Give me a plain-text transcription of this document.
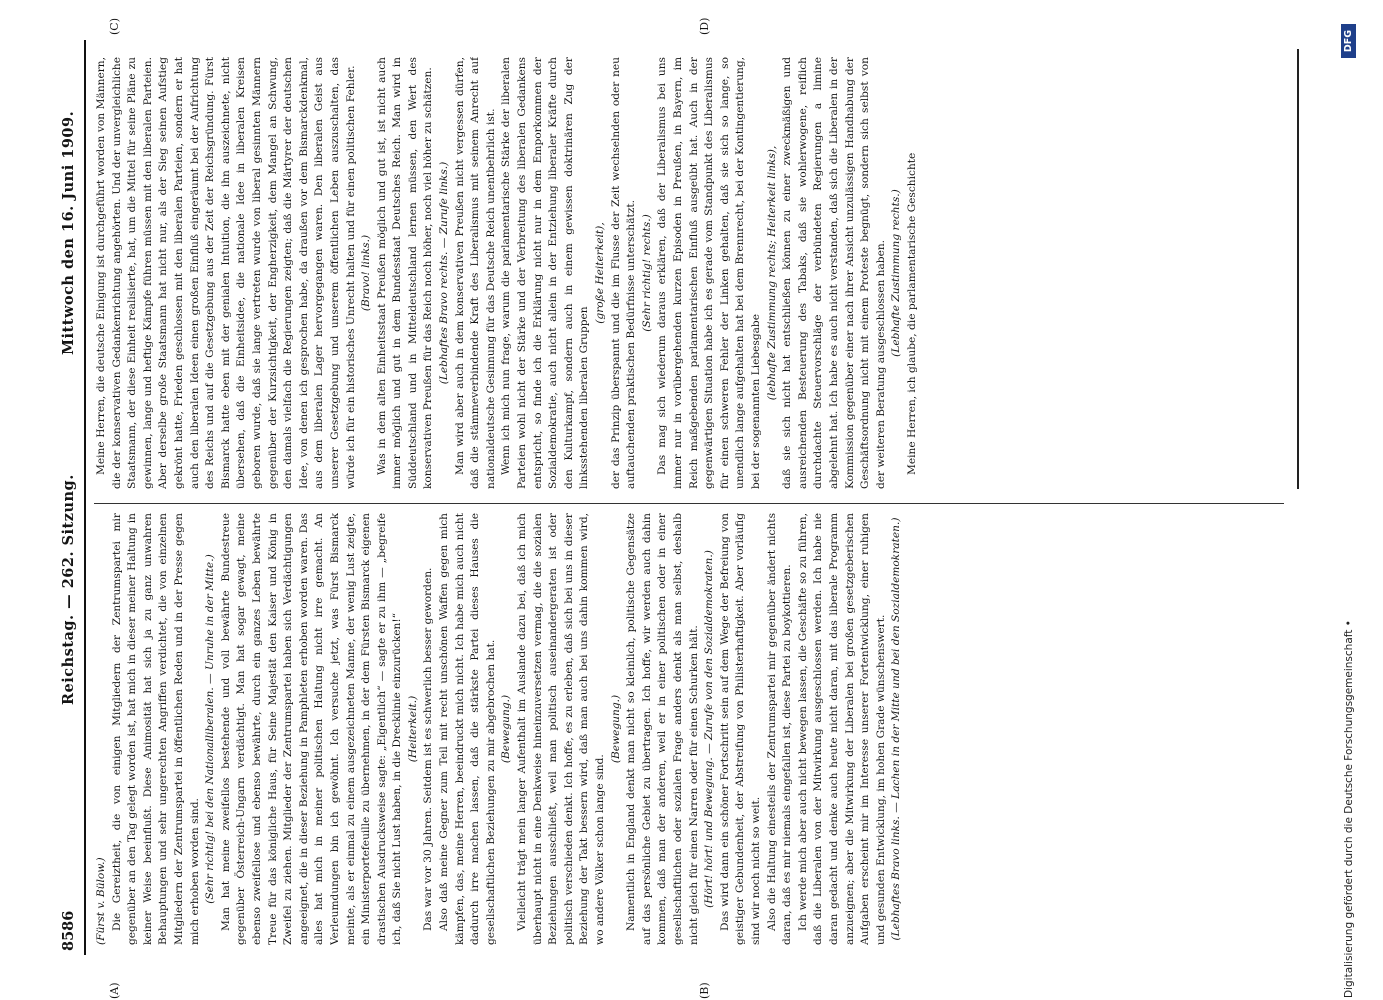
8586
Reichstag. — 262. Sitzung.
Mittwoch den 16. Juni 1909.
(A)	(B)
(C)	(D)

(Fürst v. Bülow.) Die Gereiztheit, die von einigen Mitgliedern der Zentrumspartei mir gegenüber an den Tag gelegt worden ist, hat mich in dieser meiner Haltung in keiner Weise beeinflußt. Diese Animosität hat sich ja zu ganz unwahren Behauptungen und sehr ungerechten Angriffen verdichtet, die von einzelnen Mitgliedern der Zentrumspartei in öffentlichen Reden und in der Presse gegen mich erhoben worden sind. (Sehr richtig! bei den Nationalliberalen. — Unruhe in der Mitte.) Man hat meine zweifellos bestehende und voll bewährte Bundestreue gegenüber Österreich-Ungarn verdächtigt. Man hat sogar gewagt, meine ebenso zweifellose und ebenso bewährte, durch ein ganzes Leben bewährte Treue für das königliche Haus, für Seine Majestät den Kaiser und König in Zweifel zu ziehen. Mitglieder der Zentrumspartei haben sich Verdächtigungen angeeignet, die in dieser Beziehung in Pamphleten erhoben worden waren. Das alles hat mich in meiner politischen Haltung nicht irre gemacht. An Verleumdungen bin ich gewöhnt. Ich versuche jetzt, was Fürst Bismarck meinte, als er einmal zu einem ausgezeichneten Manne, der wenig Lust zeigte, ein Ministerportefeuille zu übernehmen, in der dem Fürsten Bismarck eigenen drastischen Ausdrucksweise sagte: „Eigentlich“ — sagte er zu ihm — „begreife ich, daß Sie nicht Lust haben, in die Drecklinie einzurücken!“ (Heiterkeit.) Das war vor 30 Jahren. Seitdem ist es schwerlich besser geworden. Also daß meine Gegner zum Teil mit recht unschönen Waffen gegen mich kämpfen, das, meine Herren, beeindruckt mich nicht. Ich habe mich auch nicht dadurch irre machen lassen, daß die stärkste Partei dieses Hauses die gesellschaftlichen Beziehungen zu mir abgebrochen hat. (Bewegung.) Vielleicht trägt mein langer Aufenthalt im Auslande dazu bei, daß ich mich überhaupt nicht in eine Denkweise hineinzuversetzen vermag, die die sozialen Beziehungen ausschließt, weil man politisch auseinandergeraten ist oder politisch verschieden denkt. Ich hoffe, es zu erleben, daß sich bei uns in dieser Beziehung der Takt bessern wird, daß man auch bei uns dahin kommen wird, wo andere Völker schon lange sind.

(Bewegung.) Namentlich in England denkt man nicht so kleinlich, politische Gegensätze auf das persönliche Gebiet zu übertragen. Ich hoffe, wir werden auch dahin kommen, daß man der anderen, weil er in einer politischen oder in einer gesellschaftlichen oder sozialen Frage anders denkt als man selbst, deshalb nicht gleich für einen Narren oder für einen Schurken hält. (Hört! hört! und Bewegung. — Zurufe von den Sozialdemokraten.) Das wird dann ein schöner Fortschritt sein auf dem Wege der Befreiung von geistiger Gebundenheit, der Abstreifung von Philisterhaftigkeit. Aber vorläufig sind wir noch nicht so weit. Also die Haltung einesteils der Zentrumspartei mir gegenüber ändert nichts daran, daß es mir niemals eingefallen ist, diese Partei zu boykottieren. Ich werde mich aber auch nicht bewegen lassen, die Geschäfte so zu führen, daß die Liberalen von der Mitwirkung ausgeschlossen werden. Ich habe nie daran gedacht und denke auch heute nicht daran, mit das liberale Programm anzueignen; aber die Mitwirkung der Liberalen bei großen gesetzgeberischen Aufgaben erscheint mir im Interesse unserer Fortentwicklung, einer ruhigen und gesunden Entwicklung, im hohen Grade wünschenswert. (Lebhaftes Bravo links. — Lachen in der Mitte und bei den Sozialdemokraten.)

Meine Herren, die deutsche Einigung ist durchgeführt worden von Männern, die der konservativen Gedankenrichtung angehörten. Und der unvergleichliche Staatsmann, der diese Einheit realisierte, hat, um die Mittel für seine Pläne zu gewinnen, lange und heftige Kämpfe führen müssen mit den liberalen Parteien. Aber derselbe große Staatsmann hat nicht nur, als der Sieg seinen Aufstieg gekrönt hatte, Frieden geschlossen mit den liberalen Parteien, sondern er hat auch den liberalen Ideen einen großen Einfluß eingeräumt bei der Aufrichtung des Reichs und auf die Gesetzgebung aus der Zeit der Reichsgründung. Fürst Bismarck hatte eben mit der genialen Intuition, die ihn auszeichnete, nicht übersehen, daß die Einheitsidee, die nationale Idee in liberalen Kreisen geboren wurde, daß sie lange vertreten wurde von liberal gesinnten Männern gegenüber der Kurzsichtigkeit, der Engherzigkeit, dem Mangel an Schwung, den damals vielfach die Regierungen zeigten; daß die Märtyrer der deutschen Idee, von denen ich gesprochen habe, da draußen vor dem Bismarckdenkmal, aus dem liberalen Lager hervorgegangen waren. Den liberalen Geist aus unserer Gesetzgebung und unserem öffentlichen Leben auszuschalten, das würde ich für ein historisches Unrecht halten und für einen politischen Fehler. (Bravo! links.) Was in dem alten Einheitsstaat Preußen möglich und gut ist, ist nicht auch immer möglich und gut in dem Bundesstaat Deutsches Reich. Man wird in Süddeutschland und in Mitteldeutschland lernen müssen, den Wert des konservativen Preußen für das Reich noch höher, noch viel höher zu schätzen. (Lebhaftes Bravo rechts. — Zurufe links.) Man wird aber auch in dem konservativen Preußen nicht vergessen dürfen, daß die stämmeverbindende Kraft des Liberalismus mit seinem Anrecht auf nationaldeutsche Gesinnung für das Deutsche Reich unentbehrlich ist. Wenn ich mich nun frage, warum die parlamentarische Stärke der liberalen Parteien wohl nicht der Stärke und der Verbreitung des liberalen Gedankens entspricht, so finde ich die Erklärung nicht nur in dem Emporkommen der Sozialdemokratie, auch nicht allein in der Entziehung liberaler Kräfte durch den Kulturkampf, sondern auch in einem gewissen doktrinären Zug der linksstehenden liberalen Gruppen

(große Heiterkeit), der das Prinzip überspannt und die im Flusse der Zeit wechselnden oder neu auftauchenden praktischen Bedürfnisse unterschätzt. (Sehr richtig! rechts.) Das mag sich wiederum daraus erklären, daß der Liberalismus bei uns immer nur in vorübergehenden kurzen Episoden in Preußen, in Bayern, im Reich maßgebenden parlamentarischen Einfluß ausgeübt hat. Auch in der gegenwärtigen Situation habe ich es gerade vom Standpunkt des Liberalismus für einen schweren Fehler der Linken gehalten, daß sie sich so lange, so unendlich lange aufgehalten hat bei dem Brennrecht, bei der Kontingentierung, bei der sogenannten Liebesgabe

(lebhafte Zustimmung rechts; Heiterkeit links), daß sie sich nicht hat entschließen können zu einer zweckmäßigen und ausreichenden Besteuerung des Tabaks, daß sie wohlerwogene, reiflich durchdachte Steuervorschläge der verbündeten Regierungen a limine abgelehnt hat. Ich habe es auch nicht verstanden, daß sich die Liberalen in der Kommission gegenüber einer nach ihrer Ansicht unzulässigen Handhabung der Geschäftsordnung nicht mit einem Proteste begnügt, sondern sich selbst von der weiteren Beratung ausgeschlossen haben. (Lebhafte Zustimmung rechts.) Meine Herren, ich glaube, die parlamentarische Geschichte

Digitalisierung gefördert durch die Deutsche Forschungsgemeinschaft •
DFG
